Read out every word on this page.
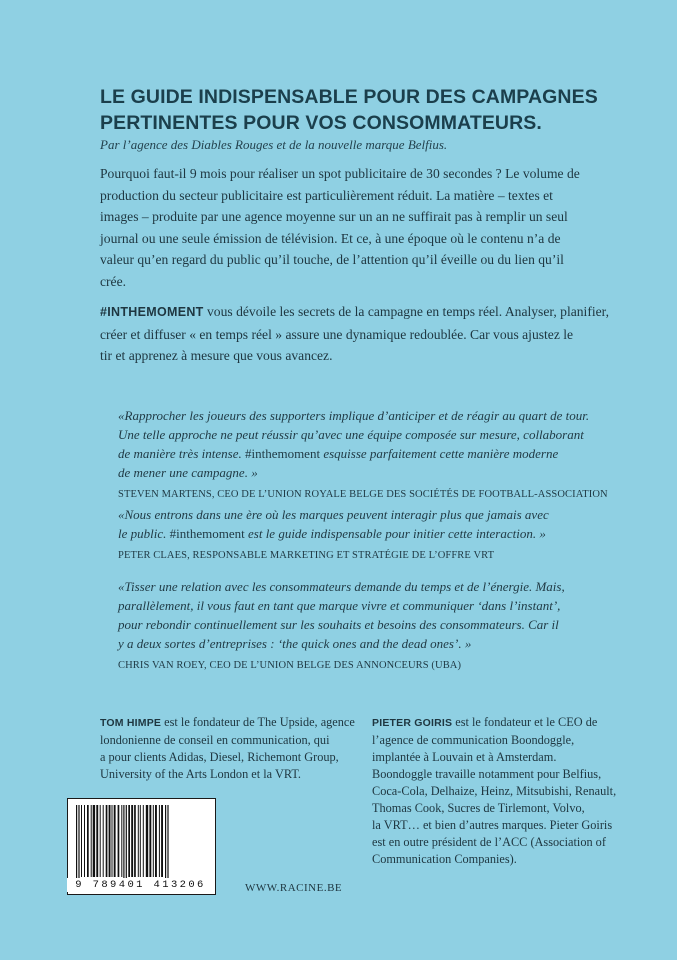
LE GUIDE INDISPENSABLE POUR DES CAMPAGNES
PERTINENTES POUR VOS CONSOMMATEURS.
Par l’agence des Diables Rouges et de la nouvelle marque Belfius.
Pourquoi faut-il 9 mois pour réaliser un spot publicitaire de 30 secondes ? Le volume de
production du secteur publicitaire est particulièrement réduit. La matière – textes et
images – produite par une agence moyenne sur un an ne suffirait pas à remplir un seul
journal ou une seule émission de télévision. Et ce, à une époque où le contenu n’a de
valeur qu’en regard du public qu’il touche, de l’attention qu’il éveille ou du lien qu’il
crée.
#INTHEMOMENT vous dévoile les secrets de la campagne en temps réel. Analyser, planifier,
créer et diffuser « en temps réel » assure une dynamique redoublée. Car vous ajustez le
tir et apprenez à mesure que vous avancez.
«Rapprocher les joueurs des supporters implique d’anticiper et de réagir au quart de tour.
Une telle approche ne peut réussir qu’avec une équipe composée sur mesure, collaborant
de manière très intense. #inthemoment esquisse parfaitement cette manière moderne
de mener une campagne. »
STEVEN MARTENS, CEO DE L’UNION ROYALE BELGE DES SOCIÉTÉS DE FOOTBALL-ASSOCIATION
«Nous entrons dans une ère où les marques peuvent interagir plus que jamais avec
le public. #inthemoment est le guide indispensable pour initier cette interaction. »
PETER CLAES, RESPONSABLE MARKETING ET STRATÉGIE DE L’OFFRE VRT
«Tisser une relation avec les consommateurs demande du temps et de l’énergie. Mais,
parallèlement, il vous faut en tant que marque vivre et communiquer ‘dans l’instant’,
pour rebondir continuellement sur les souhaits et besoins des consommateurs. Car il
y a deux sortes d’entreprises : ‘the quick ones and the dead ones’. »
CHRIS VAN ROEY, CEO DE L’UNION BELGE DES ANNONCEURS (UBA)
TOM HIMPE est le fondateur de The Upside, agence
londonienne de conseil en communication, qui
a pour clients Adidas, Diesel, Richemont Group,
University of the Arts London et la VRT.
PIETER GOIRIS est le fondateur et le CEO de
l’agence de communication Boondoggle,
implantée à Louvain et à Amsterdam.
Boondoggle travaille notamment pour Belfius,
Coca-Cola, Delhaize, Heinz, Mitsubishi, Renault,
Thomas Cook, Sucres de Tirlemont, Volvo,
la VRT… et bien d’autres marques. Pieter Goiris
est en outre président de l’ACC (Association of
Communication Companies).
9 789401 413206	WWW.RACINE.BE
